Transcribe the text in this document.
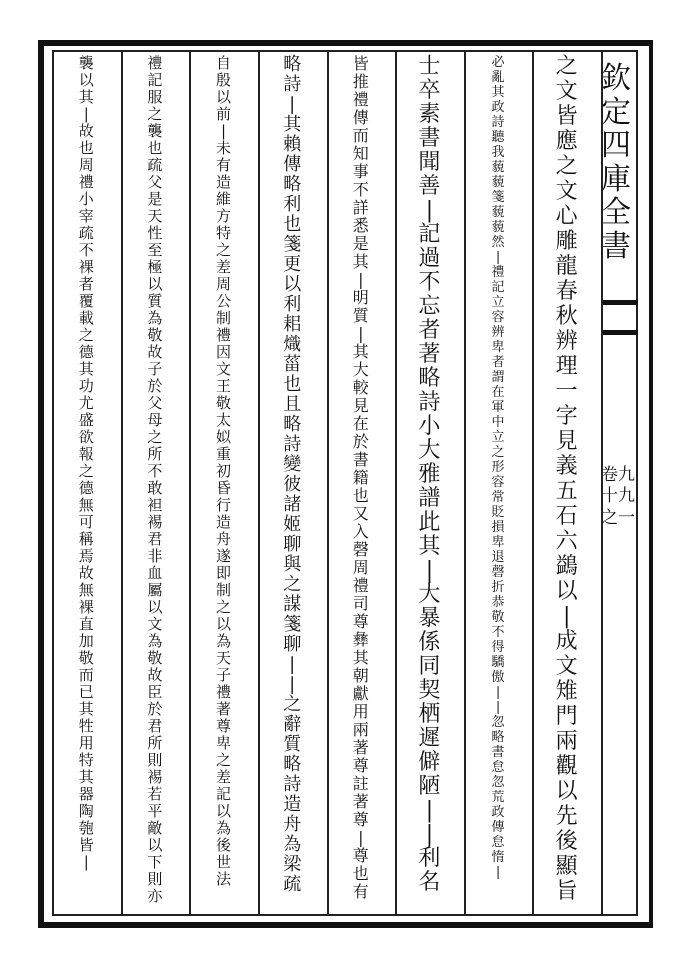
欽定四庫全書
卷九十九之一
之
文
皆
應
之
文
心
雕
龍
春
秋
辨
理
一
字
見
義
五
石
六
鷁
以
|
成
文
雉
門
兩
觀
以
先
後
顯
旨
必
亂
其
政
詩
聽
我
藐
藐
箋
藐
藐
然
|
禮
記
立
容
辨
卑
者
謂
在
軍
中
立
之
形
容
常
貶
損
卑
退
磬
折
恭
敬
不
得
驕
傲
|
|
忽
略
書
怠
忽
荒
政
傳
怠
惰
|
士
卒
素
書
聞
善
|
記
過
不
忘
者
著
略
詩
小
大
雅
譜
此
其
|
大
暴
係
同
契
栖
遲
僻
陋
|
|
利
名
皆
推
禮
傳
而
知
事
不
詳
悉
是
其
|
明
質
|
其
大
較
見
在
於
書
籍
也
又
入
磬
周
禮
司
尊
彝
其
朝
獻
用
兩
著
尊
註
著
尊
|
尊
也
有
略
詩
|
其
賴
傳
略
利
也
箋
更
以
利
耜
熾
菑
也
且
略
詩
變
彼
諸
姬
聊
與
之
謀
箋
聊
|
|
之
辭
質
略
詩
造
舟
為
梁
疏
自
殷
以
前
|
未
有
造
維
方
特
之
差
周
公
制
禮
因
文
王
敬
太
姒
重
初
昏
行
造
舟
遂
即
制
之
以
為
天
子
禮
著
尊
卑
之
差
記
以
為
後
世
法
禮
記
服
之
襲
也
疏
父
是
天
性
至
極
以
質
為
敬
故
子
於
父
母
之
所
不
敢
袒
裼
君
非
血
屬
以
文
為
敬
故
臣
於
君
所
則
裼
若
平
敵
以
下
則
亦
襲
以
其
|
故
也
周
禮
小
宰
疏
不
裸
者
覆
載
之
德
其
功
尤
盛
欲
報
之
德
無
可
稱
焉
故
無
裸
直
加
敬
而
已
其
牲
用
特
其
器
陶
匏
皆
|
